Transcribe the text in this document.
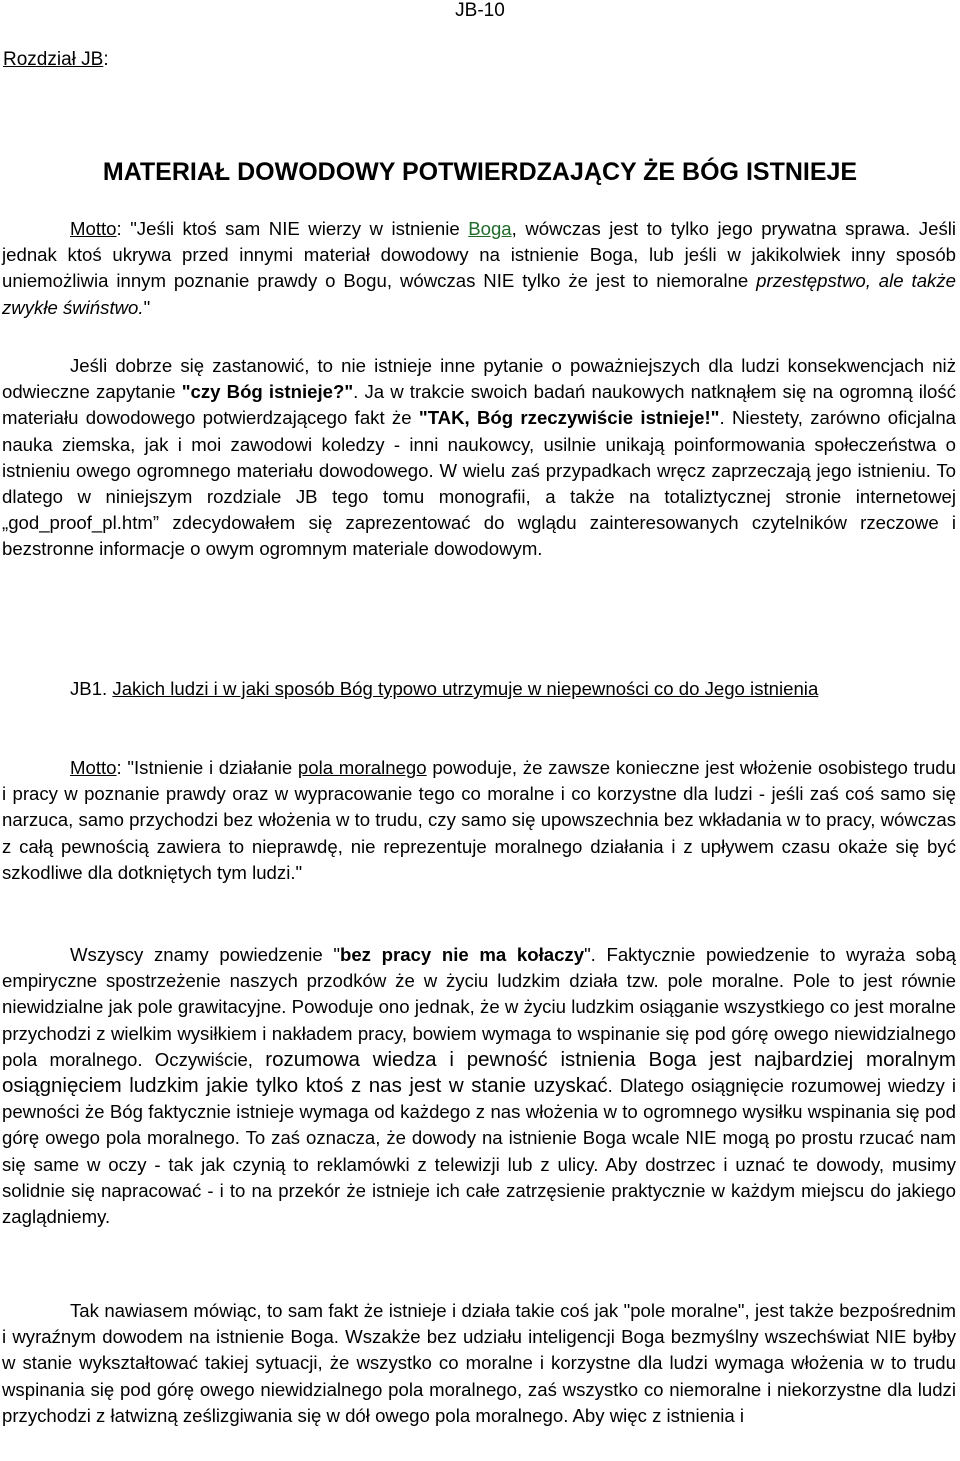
JB-10
Rozdział JB:
MATERIAŁ DOWODOWY POTWIERDZAJĄCY ŻE BÓG ISTNIEJE

Motto: "Jeśli ktoś sam NIE wierzy w istnienie Boga, wówczas jest to tylko jego prywatna sprawa. Jeśli jednak ktoś ukrywa przed innymi materiał dowodowy na istnienie Boga, lub jeśli w jakikolwiek inny sposób uniemożliwia innym poznanie prawdy o Bogu, wówczas NIE tylko że jest to niemoralne przestępstwo, ale także zwykłe świństwo."

Jeśli dobrze się zastanowić, to nie istnieje inne pytanie o poważniejszych dla ludzi konsekwencjach niż odwieczne zapytanie "czy Bóg istnieje?". Ja w trakcie swoich badań naukowych natknąłem się na ogromną ilość materiału dowodowego potwierdzającego fakt że "TAK, Bóg rzeczywiście istnieje!". Niestety, zarówno oficjalna nauka ziemska, jak i moi zawodowi koledzy - inni naukowcy, usilnie unikają poinformowania społeczeństwa o istnieniu owego ogromnego materiału dowodowego. W wielu zaś przypadkach wręcz zaprzeczają jego istnieniu. To dlatego w niniejszym rozdziale JB tego tomu monografii, a także na totaliztycznej stronie internetowej „god_proof_pl.htm” zdecydowałem się zaprezentować do wglądu zainteresowanych czytelników rzeczowe i bezstronne informacje o owym ogromnym materiale dowodowym.

JB1. Jakich ludzi i w jaki sposób Bóg typowo utrzymuje w niepewności co do Jego istnienia

Motto: "Istnienie i działanie pola moralnego powoduje, że zawsze konieczne jest włożenie osobistego trudu i pracy w poznanie prawdy oraz w wypracowanie tego co moralne i co korzystne dla ludzi - jeśli zaś coś samo się narzuca, samo przychodzi bez włożenia w to trudu, czy samo się upowszechnia bez wkładania w to pracy, wówczas z całą pewnością zawiera to nieprawdę, nie reprezentuje moralnego działania i z upływem czasu okaże się być szkodliwe dla dotkniętych tym ludzi."

Wszyscy znamy powiedzenie "bez pracy nie ma kołaczy". Faktycznie powiedzenie to wyraża sobą empiryczne spostrzeżenie naszych przodków że w życiu ludzkim działa tzw. pole moralne. Pole to jest równie niewidzialne jak pole grawitacyjne. Powoduje ono jednak, że w życiu ludzkim osiąganie wszystkiego co jest moralne przychodzi z wielkim wysiłkiem i nakładem pracy, bowiem wymaga to wspinanie się pod górę owego niewidzialnego pola moralnego. Oczywiście, rozumowa wiedza i pewność istnienia Boga jest najbardziej moralnym osiągnięciem ludzkim jakie tylko ktoś z nas jest w stanie uzyskać. Dlatego osiągnięcie rozumowej wiedzy i pewności że Bóg faktycznie istnieje wymaga od każdego z nas włożenia w to ogromnego wysiłku wspinania się pod górę owego pola moralnego. To zaś oznacza, że dowody na istnienie Boga wcale NIE mogą po prostu rzucać nam się same w oczy - tak jak czynią to reklamówki z telewizji lub z ulicy. Aby dostrzec i uznać te dowody, musimy solidnie się napracować - i to na przekór że istnieje ich całe zatrzęsienie praktycznie w każdym miejscu do jakiego zaglądniemy.

Tak nawiasem mówiąc, to sam fakt że istnieje i działa takie coś jak "pole moralne", jest także bezpośrednim i wyraźnym dowodem na istnienie Boga. Wszakże bez udziału inteligencji Boga bezmyślny wszechświat NIE byłby w stanie wykształtować takiej sytuacji, że wszystko co moralne i korzystne dla ludzi wymaga włożenia w to trudu wspinania się pod górę owego niewidzialnego pola moralnego, zaś wszystko co niemoralne i niekorzystne dla ludzi przychodzi z łatwizną ześlizgiwania się w dół owego pola moralnego. Aby więc z istnienia i
